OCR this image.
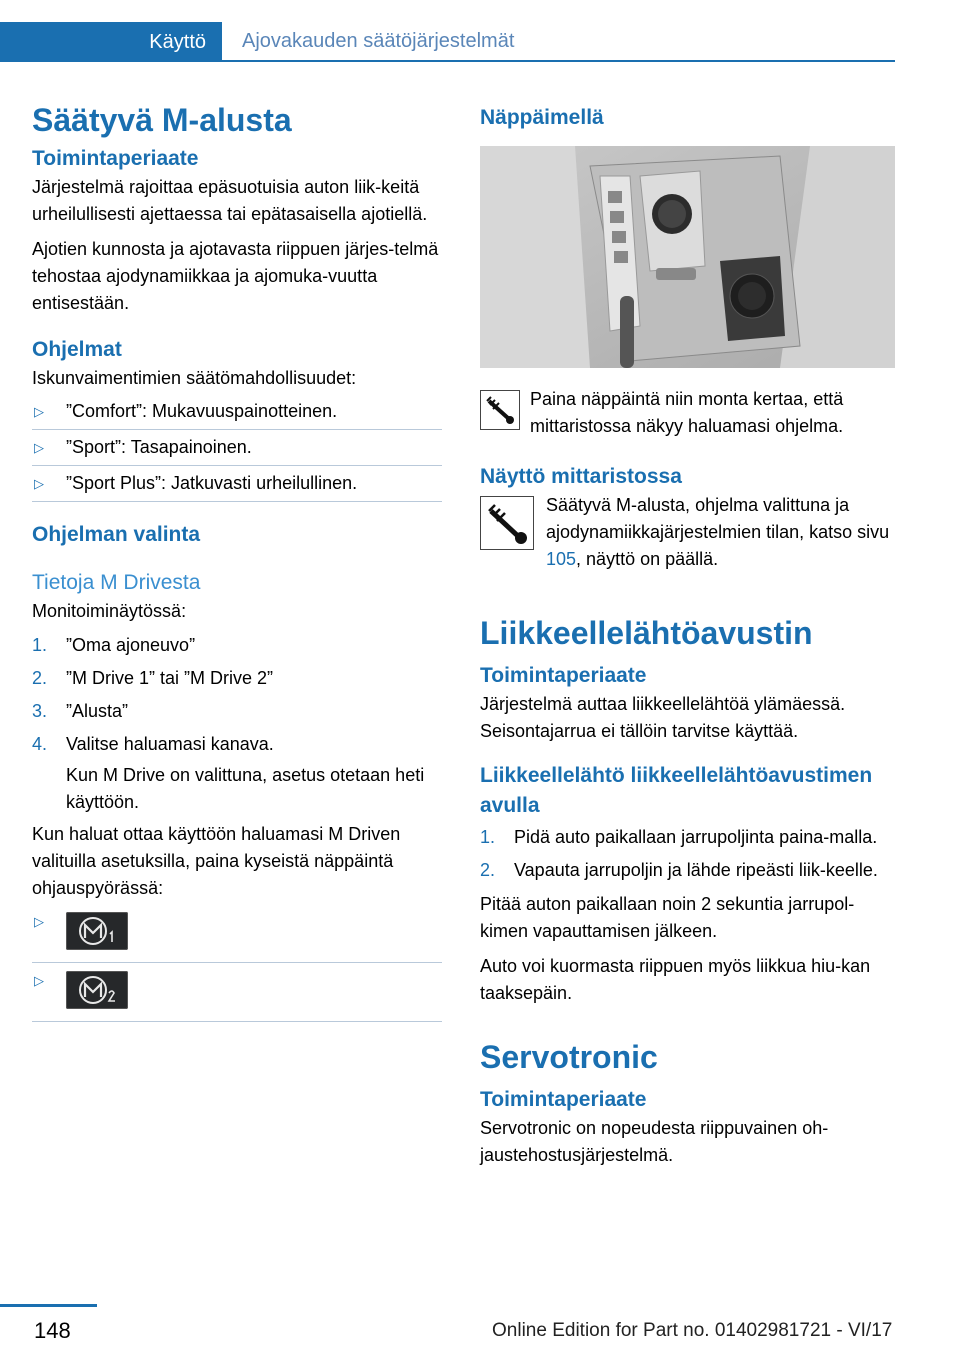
Käyttö	Ajovakauden säätöjärjestelmät
Säätyvä M-alusta
Toimintaperiaate

Järjestelmä rajoittaa epäsuotuisia auton liik-keitä urheilullisesti ajettaessa tai epätasaisella ajotiellä.

Ajotien kunnosta ja ajotavasta riippuen järjes-telmä tehostaa ajodynamiikkaa ja ajomuka-vuutta entisestään.

Ohjelmat

Iskunvaimentimien säätömahdollisuudet:

▷ ”Comfort”: Mukavuuspainotteinen.
▷ ”Sport”: Tasapainoinen.
▷ ”Sport Plus”: Jatkuvasti urheilullinen.
Ohjelman valinta
Tietoja M Drivesta

Monitoiminäytössä:

1. ”Oma ajoneuvo”
2. ”M Drive 1” tai ”M Drive 2”
3. ”Alusta”
4. Valitse haluamasi kanava.
Kun M Drive on valittuna, asetus otetaan heti käyttöön.

Kun haluat ottaa käyttöön haluamasi M Driven valituilla asetuksilla, paina kyseistä näppäintä ohjauspyörässä:

▷
▷
Näppäimellä

Paina näppäintä niin monta kertaa, että mittaristossa näkyy haluamasi ohjelma.

Näyttö mittaristossa

Säätyvä M-alusta, ohjelma valittuna ja ajodynamiikkajärjestelmien tilan, katso sivu 105, näyttö on päällä.

Liikkeellelähtöavustin
Toimintaperiaate

Järjestelmä auttaa liikkeellelähtöä ylämäessä. Seisontajarrua ei tällöin tarvitse käyttää.

Liikkeellelähtö liikkeellelähtöavustimen avulla
1. Pidä auto paikallaan jarrupoljinta paina-malla.
2. Vapauta jarrupoljin ja lähde ripeästi liik-keelle.

Pitää auton paikallaan noin 2 sekuntia jarrupol-kimen vapauttamisen jälkeen.

Auto voi kuormasta riippuen myös liikkua hiu-kan taaksepäin.

Servotronic
Toimintaperiaate

Servotronic on nopeudesta riippuvainen oh-jaustehostusjärjestelmä.

148	Online Edition for Part no. 01402981721 - VI/17
